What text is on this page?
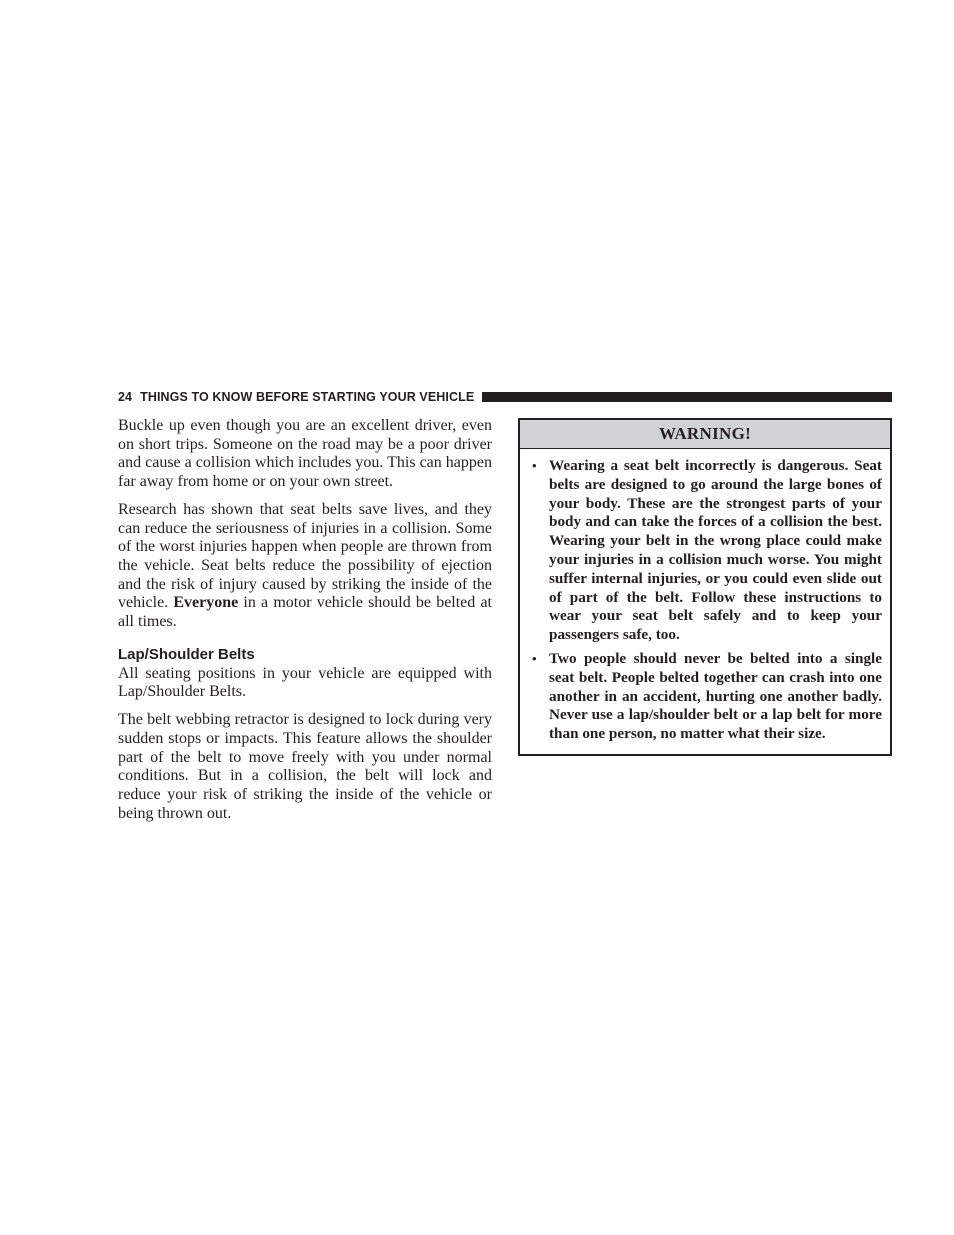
24 THINGS TO KNOW BEFORE STARTING YOUR VEHICLE

Buckle up even though you are an excellent driver, even on short trips. Someone on the road may be a poor driver and cause a collision which includes you. This can happen far away from home or on your own street.

Research has shown that seat belts save lives, and they can reduce the seriousness of injuries in a collision. Some of the worst injuries happen when people are thrown from the vehicle. Seat belts reduce the possibility of ejection and the risk of injury caused by striking the inside of the vehicle. Everyone in a motor vehicle should be belted at all times.

Lap/Shoulder Belts

All seating positions in your vehicle are equipped with Lap/Shoulder Belts.

The belt webbing retractor is designed to lock during very sudden stops or impacts. This feature allows the shoulder part of the belt to move freely with you under normal conditions. But in a collision, the belt will lock and reduce your risk of striking the inside of the vehicle or being thrown out.

WARNING!
• Wearing a seat belt incorrectly is dangerous. Seat belts are designed to go around the large bones of your body. These are the strongest parts of your body and can take the forces of a collision the best. Wearing your belt in the wrong place could make your injuries in a collision much worse. You might suffer internal injuries, or you could even slide out of part of the belt. Follow these instructions to wear your seat belt safely and to keep your passengers safe, too.
• Two people should never be belted into a single seat belt. People belted together can crash into one another in an accident, hurting one another badly. Never use a lap/shoulder belt or a lap belt for more than one person, no matter what their size.
